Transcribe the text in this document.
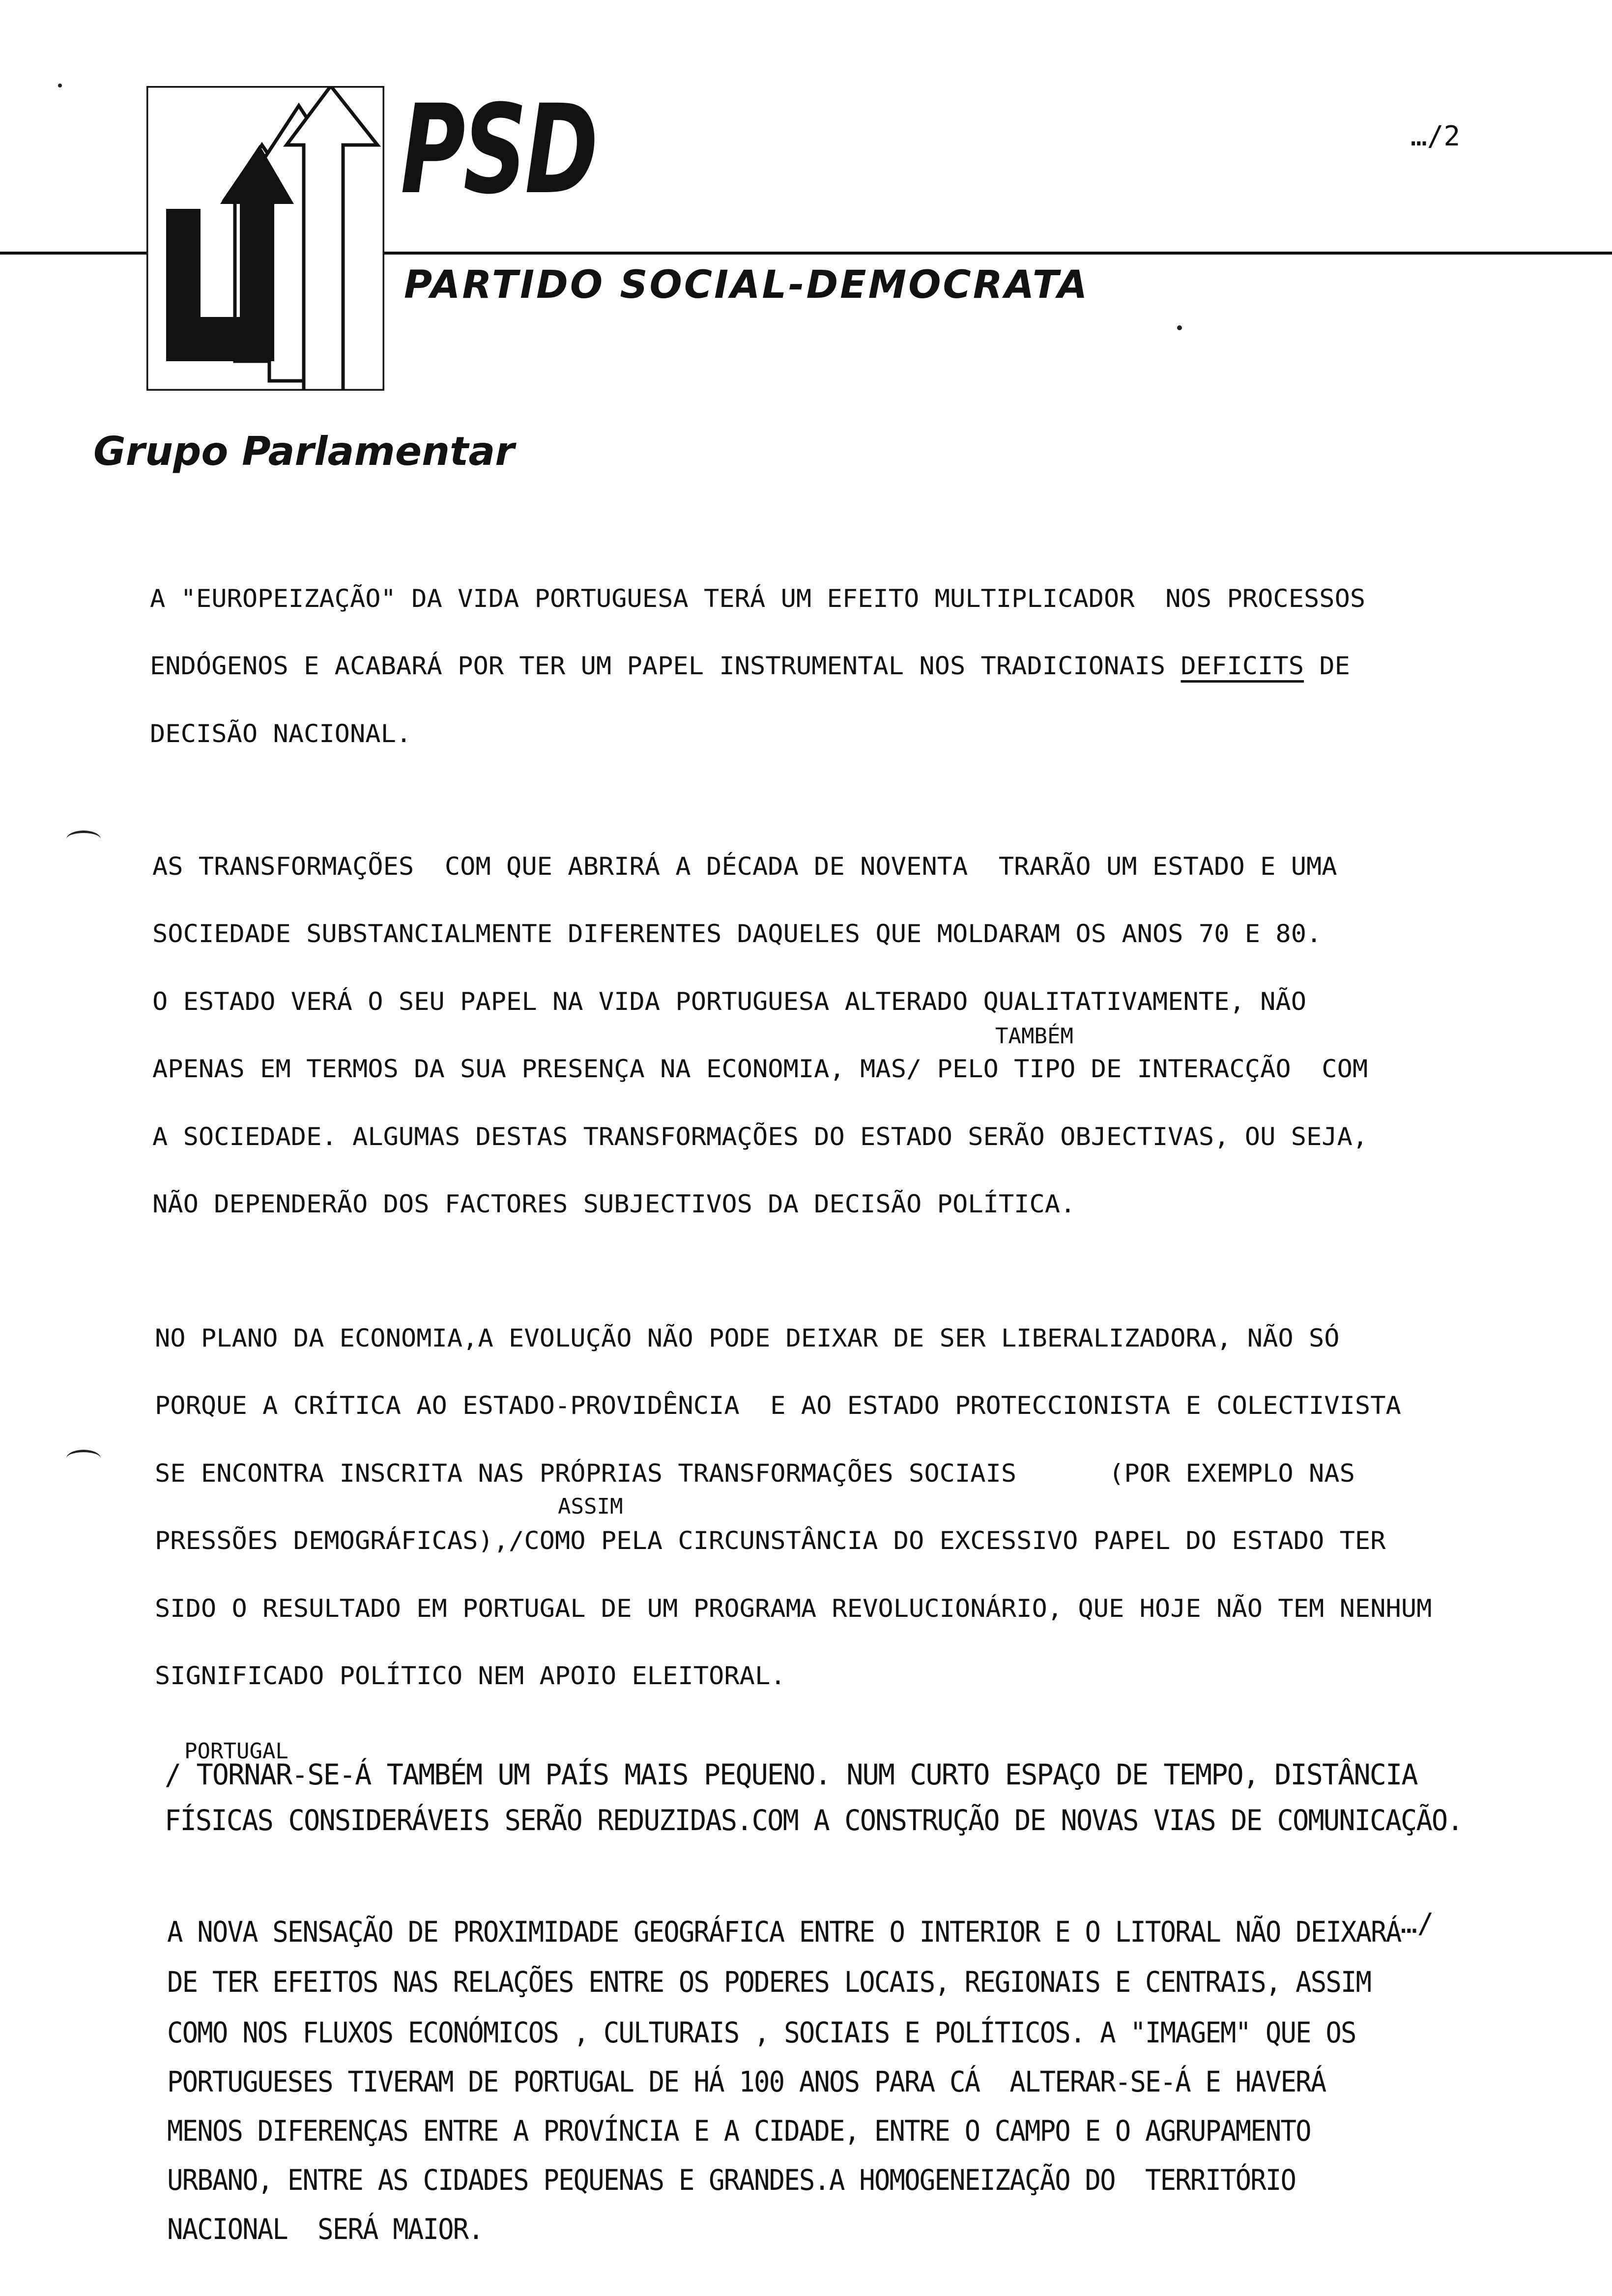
PSD
PARTIDO SOCIAL-DEMOCRATA
Grupo Parlamentar
…/2
A "EUROPEIZAÇÃO" DA VIDA PORTUGUESA TERÁ UM EFEITO MULTIPLICADOR  NOS PROCESSOS
ENDÓGENOS E ACABARÁ POR TER UM PAPEL INSTRUMENTAL NOS TRADICIONAIS DEFICITS DE
DECISÃO NACIONAL.
AS TRANSFORMAÇÕES  COM QUE ABRIRÁ A DÉCADA DE NOVENTA  TRARÃO UM ESTADO E UMA
SOCIEDADE SUBSTANCIALMENTE DIFERENTES DAQUELES QUE MOLDARAM OS ANOS 70 E 80.
O ESTADO VERÁ O SEU PAPEL NA VIDA PORTUGUESA ALTERADO QUALITATIVAMENTE, NÃO
TAMBÉM
APENAS EM TERMOS DA SUA PRESENÇA NA ECONOMIA, MAS/ PELO TIPO DE INTERACÇÃO  COM
A SOCIEDADE. ALGUMAS DESTAS TRANSFORMAÇÕES DO ESTADO SERÃO OBJECTIVAS, OU SEJA,
NÃO DEPENDERÃO DOS FACTORES SUBJECTIVOS DA DECISÃO POLÍTICA.
NO PLANO DA ECONOMIA,A EVOLUÇÃO NÃO PODE DEIXAR DE SER LIBERALIZADORA, NÃO SÓ
PORQUE A CRÍTICA AO ESTADO-PROVIDÊNCIA  E AO ESTADO PROTECCIONISTA E COLECTIVISTA
SE ENCONTRA INSCRITA NAS PRÓPRIAS TRANSFORMAÇÕES SOCIAIS      (POR EXEMPLO NAS
ASSIM
PRESSÕES DEMOGRÁFICAS),/COMO PELA CIRCUNSTÂNCIA DO EXCESSIVO PAPEL DO ESTADO TER
SIDO O RESULTADO EM PORTUGAL DE UM PROGRAMA REVOLUCIONÁRIO, QUE HOJE NÃO TEM NENHUM
SIGNIFICADO POLÍTICO NEM APOIO ELEITORAL.
PORTUGAL
/ TORNAR-SE-Á TAMBÉM UM PAÍS MAIS PEQUENO. NUM CURTO ESPAÇO DE TEMPO, DISTÂNCIA
FÍSICAS CONSIDERÁVEIS SERÃO REDUZIDAS.COM A CONSTRUÇÃO DE NOVAS VIAS DE COMUNICAÇÃO.
A NOVA SENSAÇÃO DE PROXIMIDADE GEOGRÁFICA ENTRE O INTERIOR E O LITORAL NÃO DEIXARÁ
DE TER EFEITOS NAS RELAÇÕES ENTRE OS PODERES LOCAIS, REGIONAIS E CENTRAIS, ASSIM
COMO NOS FLUXOS ECONÓMICOS , CULTURAIS , SOCIAIS E POLÍTICOS. A "IMAGEM" QUE OS
PORTUGUESES TIVERAM DE PORTUGAL DE HÁ 100 ANOS PARA CÁ  ALTERAR-SE-Á E HAVERÁ
MENOS DIFERENÇAS ENTRE A PROVÍNCIA E A CIDADE, ENTRE O CAMPO E O AGRUPAMENTO
URBANO, ENTRE AS CIDADES PEQUENAS E GRANDES.A HOMOGENEIZAÇÃO DO  TERRITÓRIO
NACIONAL  SERÁ MAIOR.
…/
